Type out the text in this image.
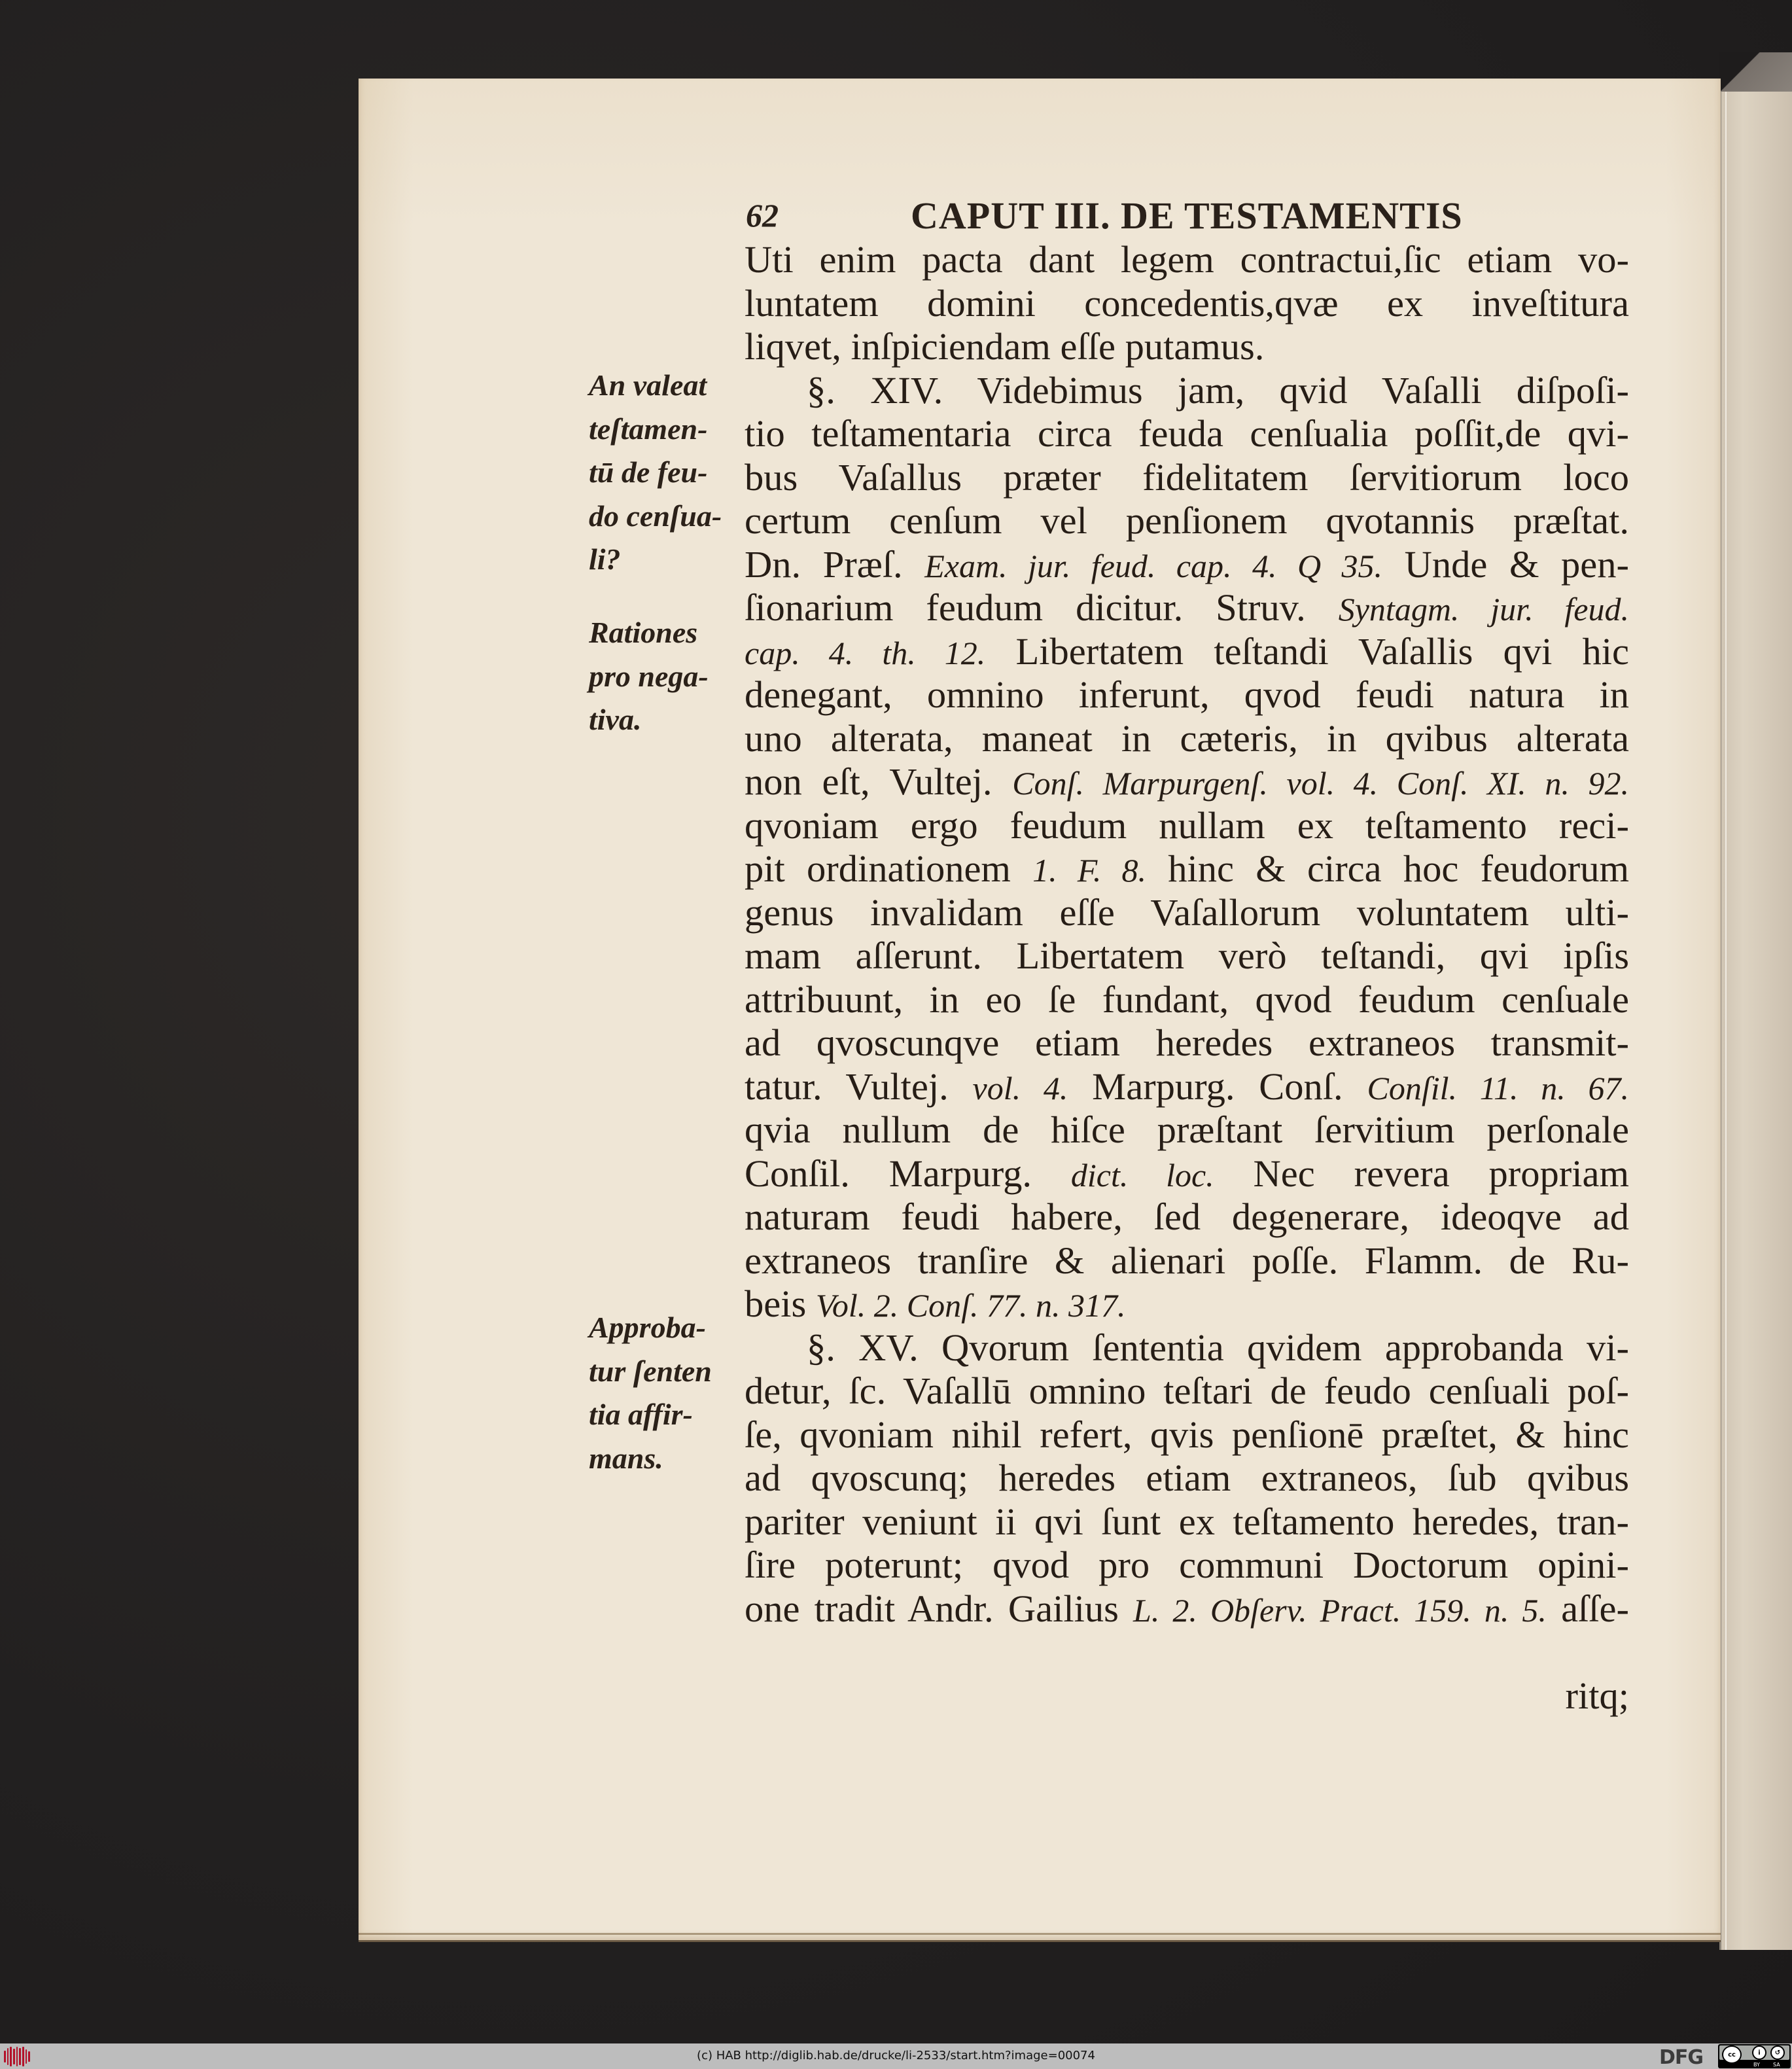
62	CAPUT III. DE TESTAMENTIS
Uti enim pacta dant legem contractui,ſic etiam vo-
luntatem domini concedentis,qvæ ex inveſtitura
liqvet, inſpiciendam eſſe putamus.
§. XIV. Videbimus jam, qvid Vaſalli diſpoſi-
tio teſtamentaria circa feuda cenſualia poſſit,de qvi-
bus Vaſallus præter fidelitatem ſervitiorum loco
certum cenſum vel penſionem qvotannis præſtat.
Dn. Præſ. Exam. jur. feud. cap. 4. Q 35. Unde & pen-
ſionarium feudum dicitur. Struv. Syntagm. jur. feud.
cap. 4. th. 12. Libertatem teſtandi Vaſallis qvi hic
denegant, omnino inferunt, qvod feudi natura in
uno alterata, maneat in cæteris, in qvibus alterata
non eſt, Vultej. Conſ. Marpurgenſ. vol. 4. Conſ. XI. n. 92.
qvoniam ergo feudum nullam ex teſtamento reci-
pit ordinationem 1. F. 8. hinc & circa hoc feudorum
genus invalidam eſſe Vaſallorum voluntatem ulti-
mam aſſerunt. Libertatem verò teſtandi, qvi ipſis
attribuunt, in eo ſe fundant, qvod feudum cenſuale
ad qvoscunqve etiam heredes extraneos transmit-
tatur. Vultej. vol. 4. Marpurg. Conſ. Conſil. 11. n. 67.
qvia nullum de hiſce præſtant ſervitium perſonale
Conſil. Marpurg. dict. loc. Nec revera propriam
naturam feudi habere, ſed degenerare, ideoqve ad
extraneos tranſire & alienari poſſe. Flamm. de Ru-
beis Vol. 2. Conſ. 77. n. 317.
§. XV. Qvorum ſententia qvidem approbanda vi-
detur, ſc. Vaſallū omnino teſtari de feudo cenſuali poſ-
ſe, qvoniam nihil refert, qvis penſionē præſtet, & hinc
ad qvoscunq; heredes etiam extraneos, ſub qvibus
pariter veniunt ii qvi ſunt ex teſtamento heredes, tran-
ſire poterunt; qvod pro communi Doctorum opini-
one tradit Andr. Gailius L. 2. Obſerv. Pract. 159. n. 5. aſſe-
ritq;
An valeat
teſtamen-
tū de feu-
do cenſua-
li?
Rationes
pro nega-
tiva.
Approba-
tur ſenten
tia affir-
mans.
(c) HAB http://diglib.hab.de/drucke/li-2533/start.htm?image=00074	DFG	cc	i	↺
BY	SA
